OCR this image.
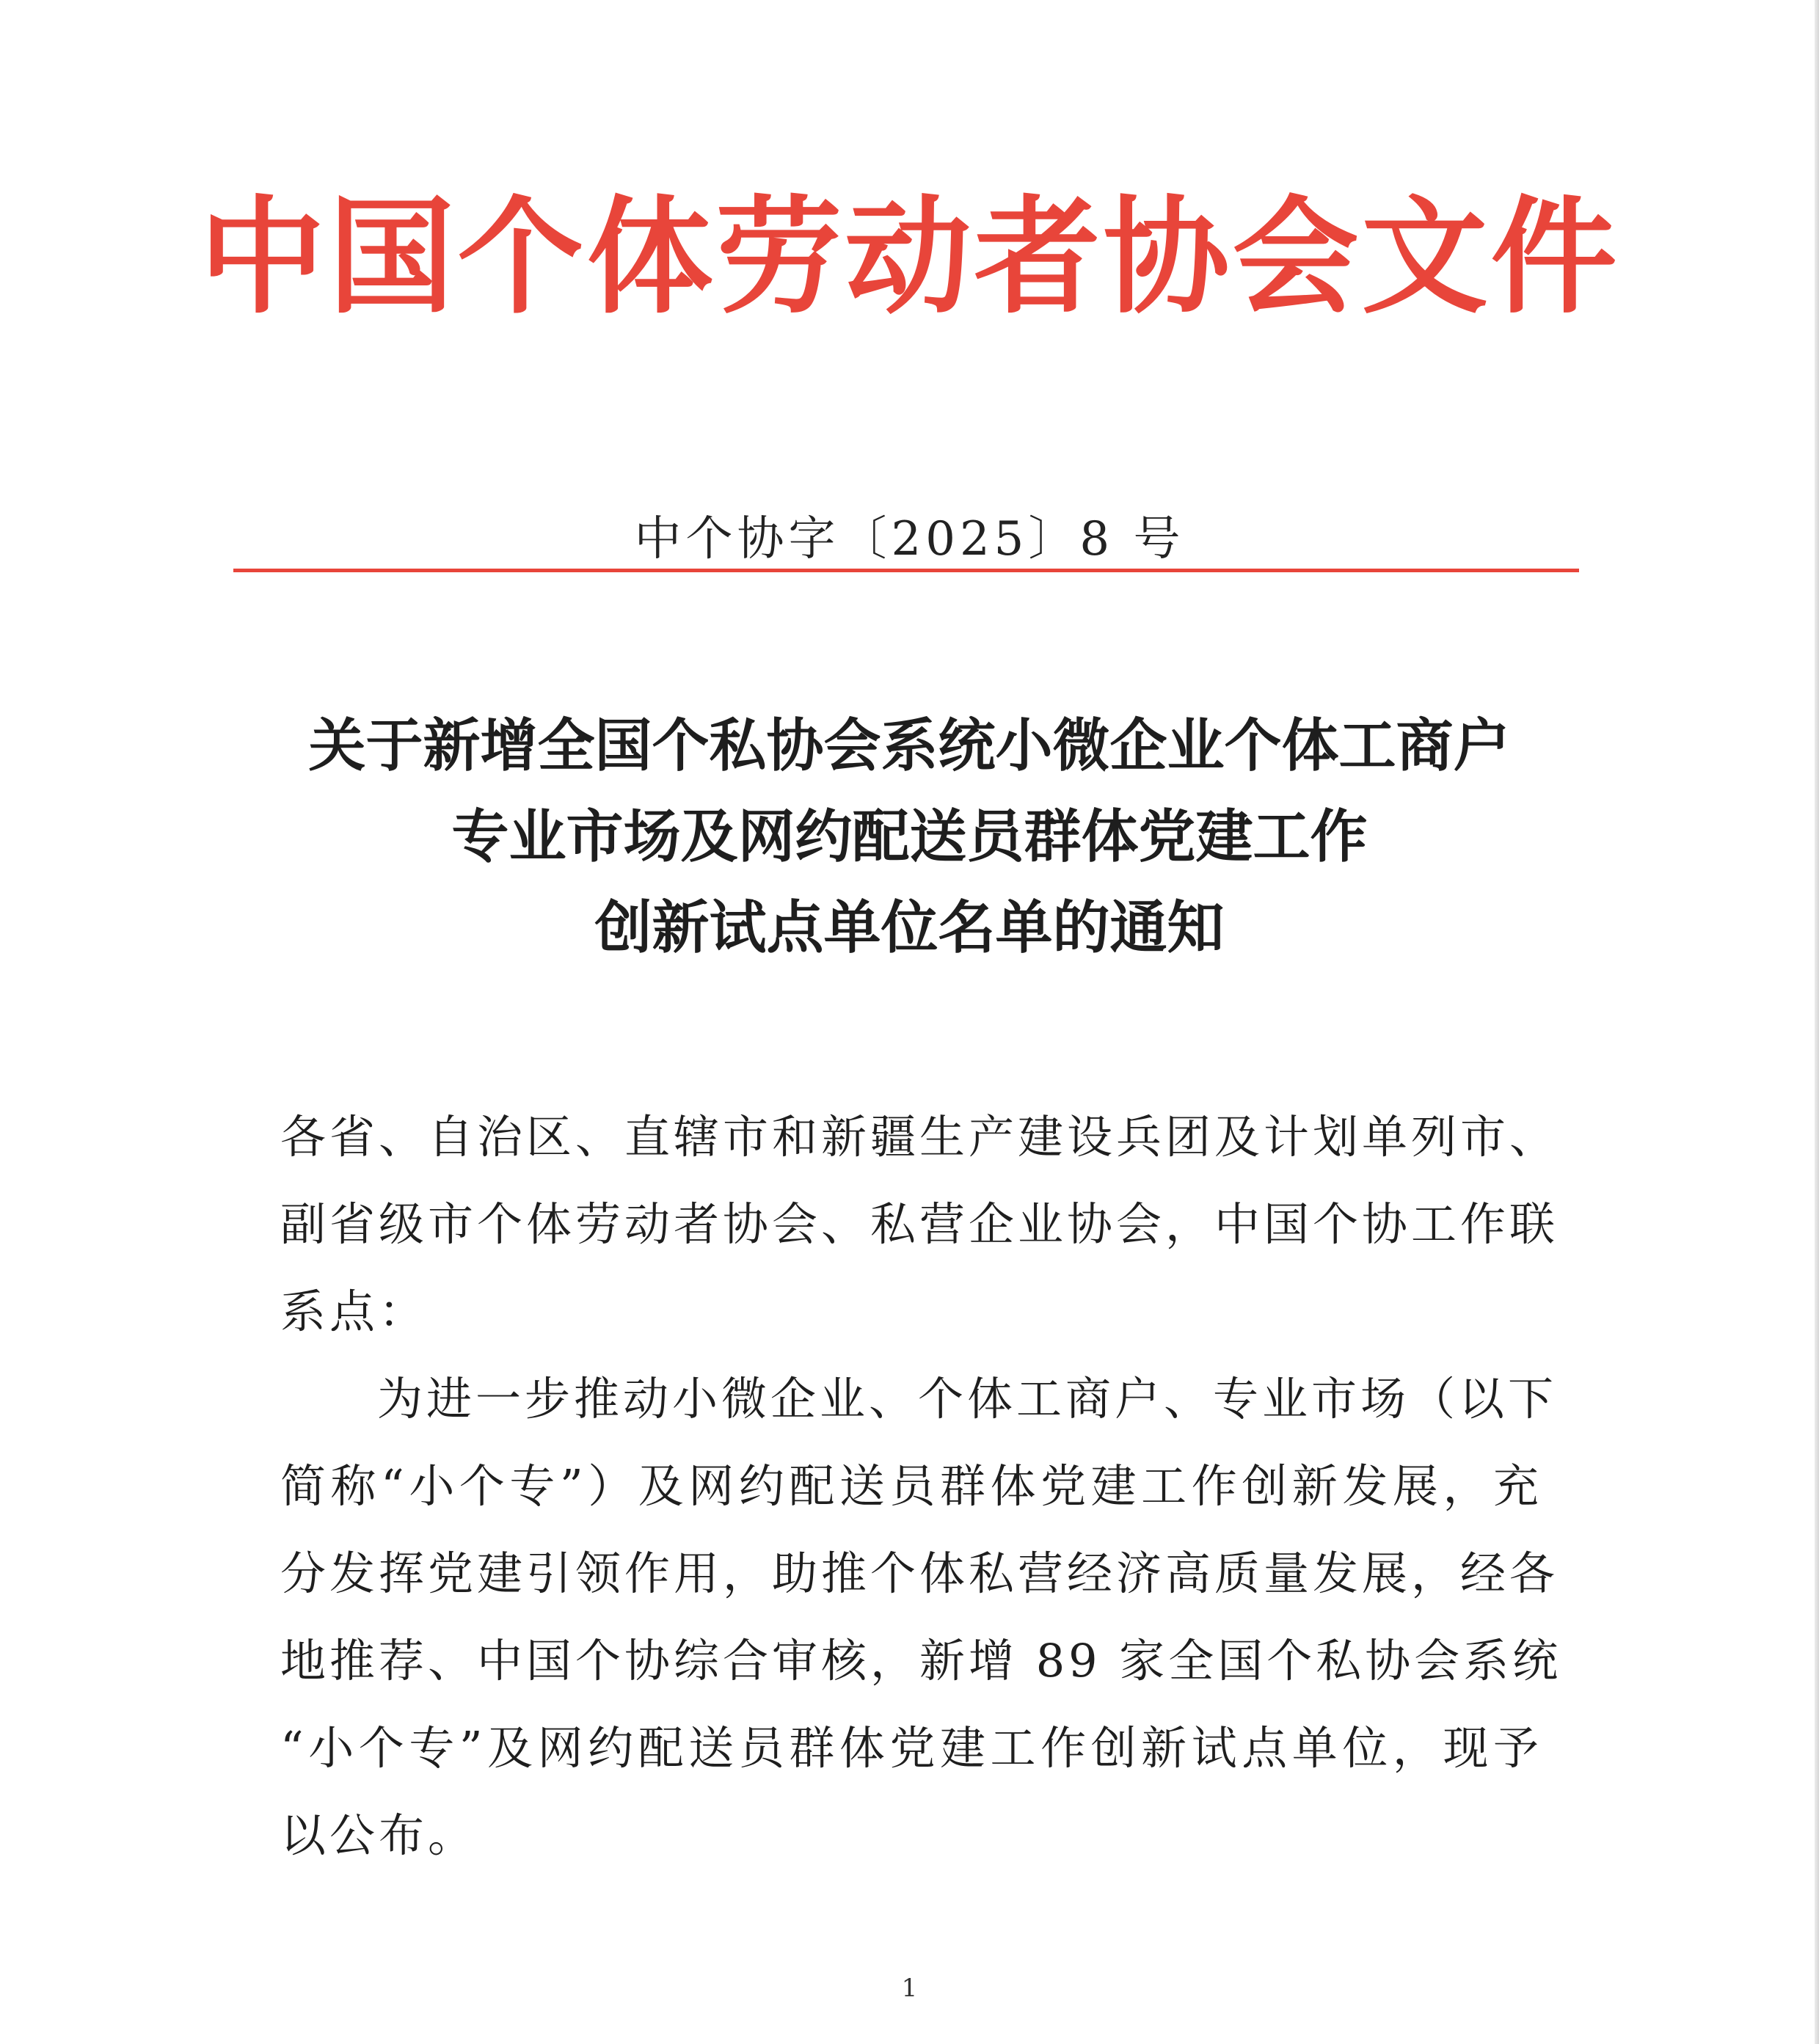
中国个体劳动者协会文件
中个协字〔2025〕8 号
关于新增全国个私协会系统小微企业个体工商户
专业市场及网约配送员群体党建工作
创新试点单位名单的通知
各省、自治区、直辖市和新疆生产建设兵团及计划单列市、
副省级市个体劳动者协会、私营企业协会，中国个协工作联
系点：
为进一步推动小微企业、个体工商户、专业市场（以下
简称“小个专”）及网约配送员群体党建工作创新发展，充
分发挥党建引领作用，助推个体私营经济高质量发展，经各
地推荐、中国个协综合审核，新增 89 家全国个私协会系统
“小个专”及网约配送员群体党建工作创新试点单位，现予
以公布。
1
